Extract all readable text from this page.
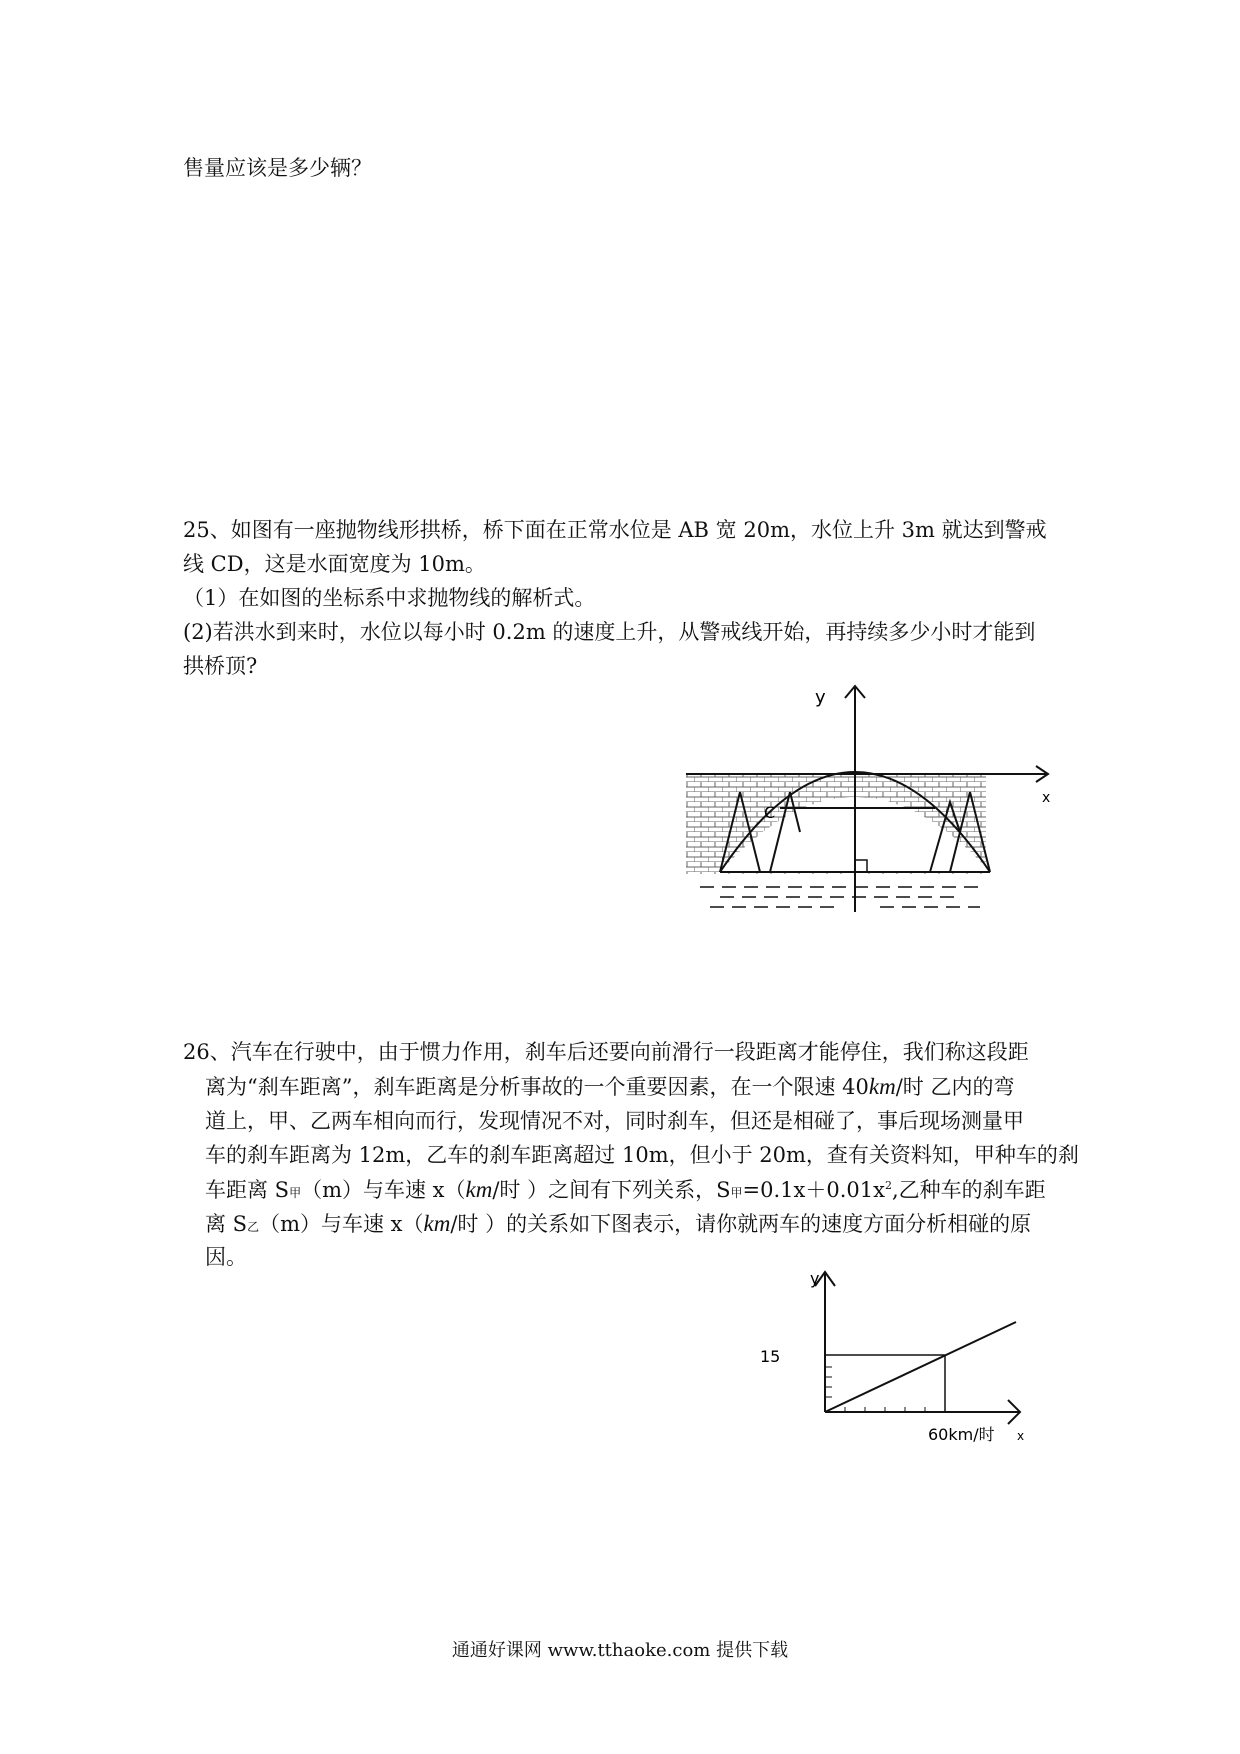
售量应该是多少辆？
25、如图有一座抛物线形拱桥，桥下面在正常水位是 AB 宽 20m，水位上升 3m 就达到警戒
线 CD，这是水面宽度为 10m。
（1）在如图的坐标系中求抛物线的解析式。
(2)若洪水到来时，水位以每小时 0.2m 的速度上升，从警戒线开始，再持续多少小时才能到
拱桥顶?
y
x
C
26、汽车在行驶中，由于惯力作用，刹车后还要向前滑行一段距离才能停住，我们称这段距
离为“刹车距离”，刹车距离是分析事故的一个重要因素，在一个限速 40km/时 乙内的弯
道上，甲、乙两车相向而行，发现情况不对，同时刹车，但还是相碰了，事后现场测量甲
车的刹车距离为 12m，乙车的刹车距离超过 10m，但小于 20m，查有关资料知，甲种车的刹
车距离 S甲（m）与车速 x（km/时 ）之间有下列关系，S甲$=0.1x+0.01x^2$,乙种车的刹车距
离 S乙（m）与车速 x（km/时 ）的关系如下图表示，请你就两车的速度方面分析相碰的原
因。
y
15
60km/时 x
通通好课网 www.tthaoke.com 提供下载
